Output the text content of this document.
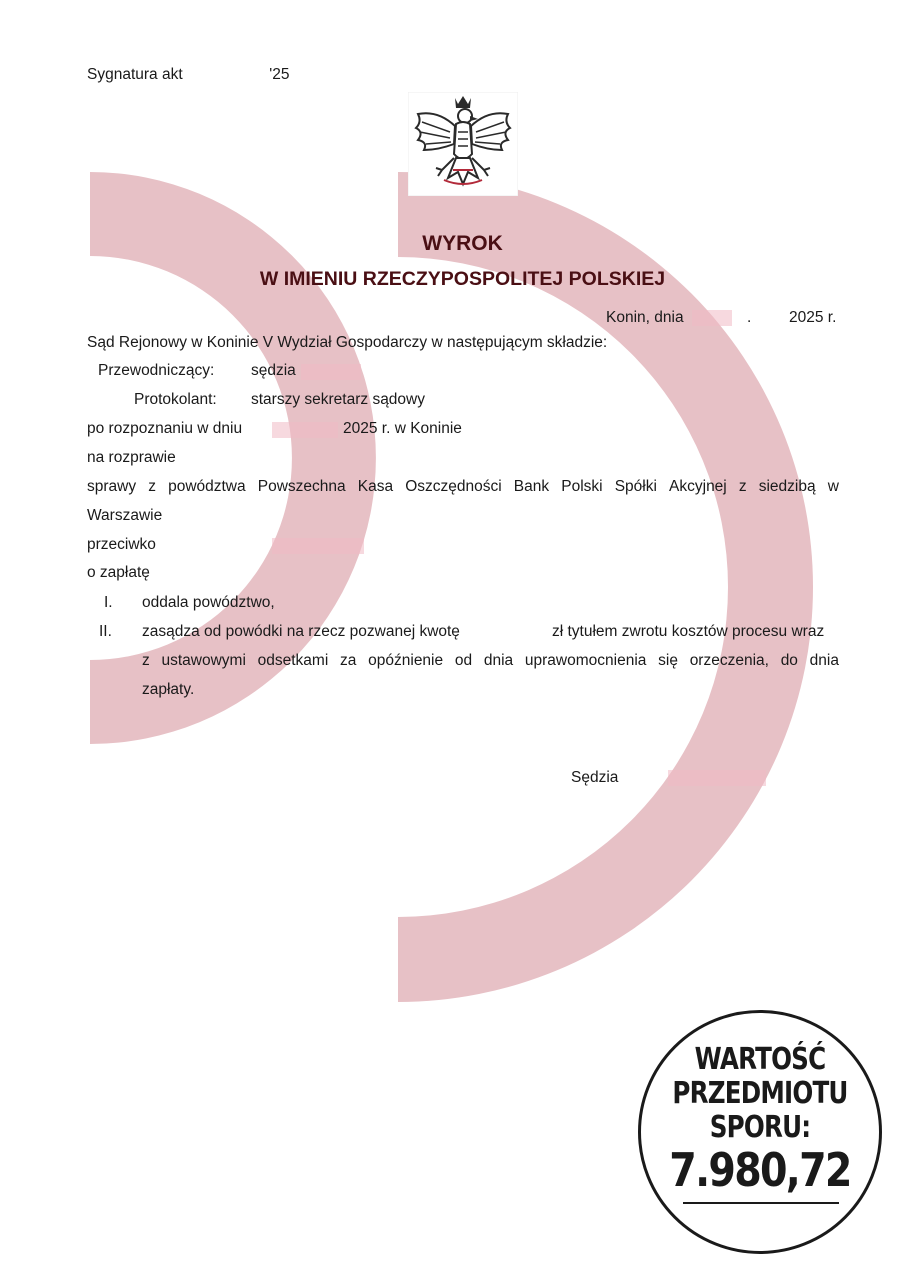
Sygnatura akt	'25
WYROK
W IMIENIU RZECZYPOSPOLITEJ POLSKIEJ
Konin, dnia	. 2025 r.
Sąd Rejonowy w Koninie V Wydział Gospodarczy w następującym składzie:
Przewodniczący: sędzia
Protokolant: starszy sekretarz sądowy
po rozpoznaniu w dniu	2025 r. w Koninie
na rozprawie
sprawy z powództwa Powszechna Kasa Oszczędności Bank Polski Spółki Akcyjnej z siedzibą w
Warszawie
przeciwko
o zapłatę
I. oddala powództwo,
II. zasądza od powódki na rzecz pozwanej kwotę	zł tytułem zwrotu kosztów procesu wraz
z ustawowymi odsetkami za opóźnienie od dnia uprawomocnienia się orzeczenia, do dnia
zapłaty.
Sędzia
WARTOŚĆ
PRZEDMIOTU
SPORU:
7.980,72
